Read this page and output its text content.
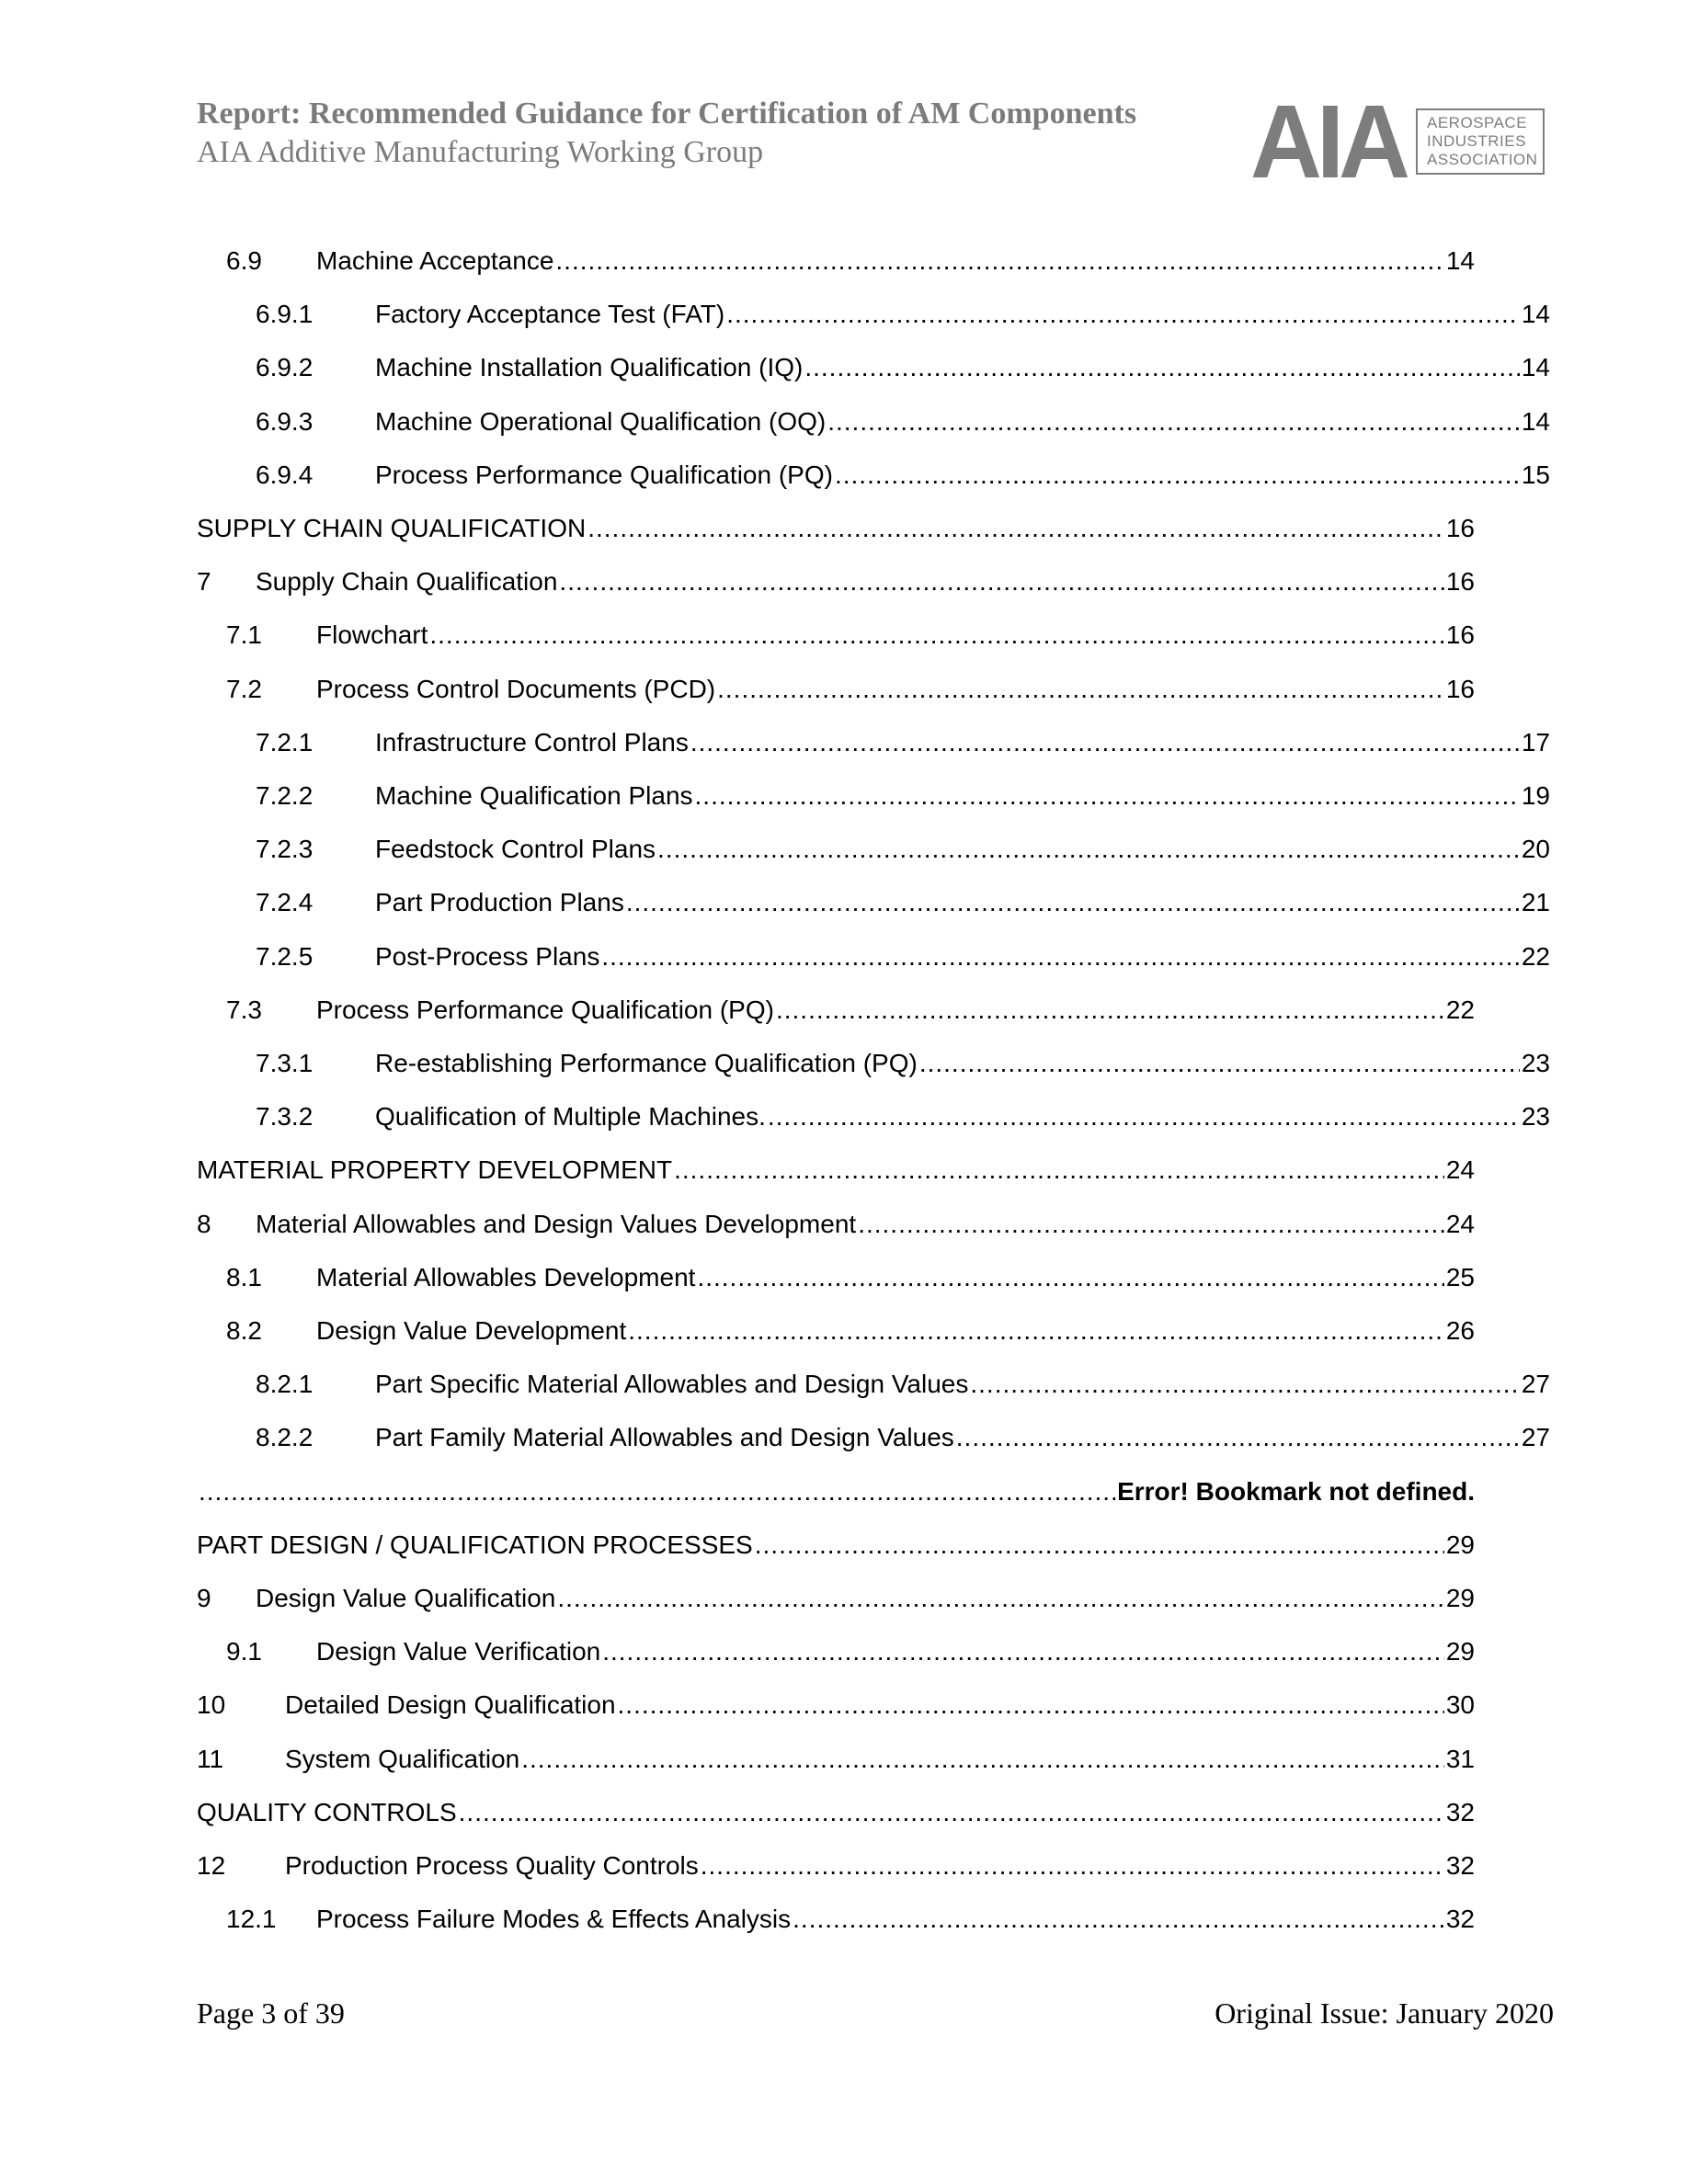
Report: Recommended Guidance for Certification of AM Components
AIA Additive Manufacturing Working Group	AIA AEROSPACE
INDUSTRIES
ASSOCIATION
6.9	Machine Acceptance .....	14
6.9.1	Factory Acceptance Test (FAT) .....	14
6.9.2	Machine Installation Qualification (IQ) .....	14
6.9.3	Machine Operational Qualification (OQ) .....	14
6.9.4	Process Performance Qualification (PQ) .....	15
SUPPLY CHAIN QUALIFICATION .....	16
7	Supply Chain Qualification .....	16
7.1	Flowchart .....	16
7.2	Process Control Documents (PCD) .....	16
7.2.1	Infrastructure Control Plans .....	17
7.2.2	Machine Qualification Plans .....	19
7.2.3	Feedstock Control Plans .....	20
7.2.4	Part Production Plans .....	21
7.2.5	Post-Process Plans .....	22
7.3	Process Performance Qualification (PQ) .....	22
7.3.1	Re-establishing Performance Qualification (PQ) .....	23
7.3.2	Qualification of Multiple Machines. .....	23
MATERIAL PROPERTY DEVELOPMENT .....	24
8	Material Allowables and Design Values Development .....	24
8.1	Material Allowables Development .....	25
8.2	Design Value Development .....	26
8.2.1	Part Specific Material Allowables and Design Values .....	27
8.2.2	Part Family Material Allowables and Design Values .....	27
.....
Error! Bookmark not defined.
PART DESIGN / QUALIFICATION PROCESSES .....	29
9	Design Value Qualification .....	29
9.1	Design Value Verification .....	29
10	Detailed Design Qualification .....	30
11	System Qualification .....	31
QUALITY CONTROLS .....	32
12	Production Process Quality Controls .....	32
12.1	Process Failure Modes & Effects Analysis .....	32
Page 3 of 39	Original Issue: January 2020
